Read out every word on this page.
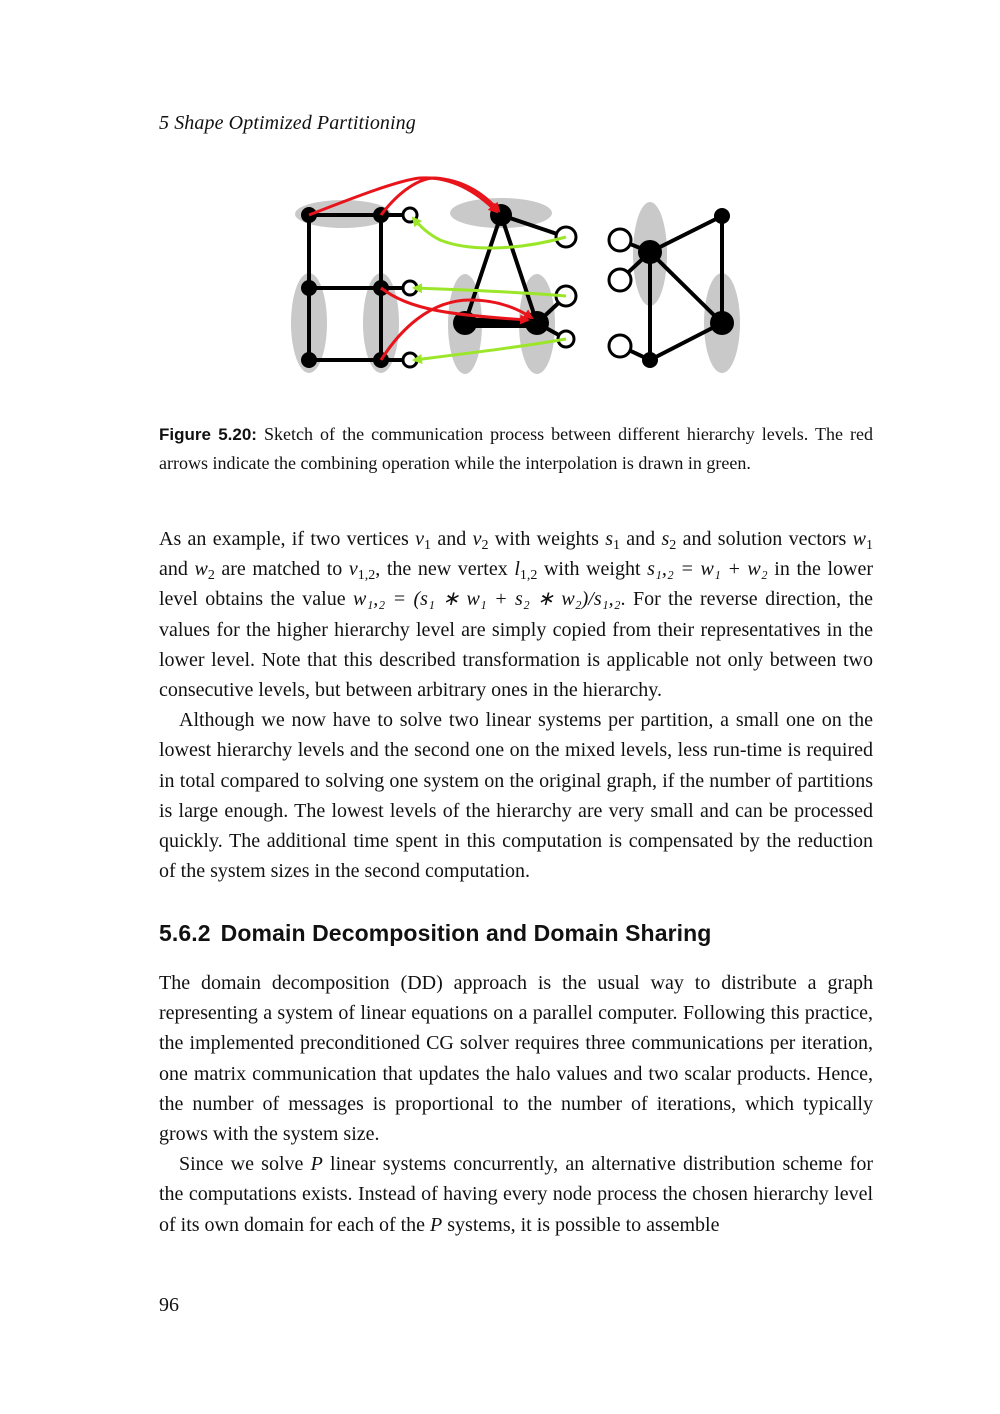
5 Shape Optimized Partitioning
Figure 5.20: Sketch of the communication process between different hierarchy levels. The red arrows indicate the combining operation while the interpolation is drawn in green.

As an example, if two vertices $v_1$ and $v_2$ with weights $s_1$ and $s_2$ and solution vectors $w_1$ and $w_2$ are matched to $v_{1,2}$, the new vertex $l_{1,2}$ with weight s₁,₂ = w₁ + w₂ in the lower level obtains the value w₁,₂ = (s₁ ∗ w₁ + s₂ ∗ w₂)/s₁,₂. For the reverse direction, the values for the higher hierarchy level are simply copied from their representatives in the lower level. Note that this described transformation is applicable not only between two consecutive levels, but between arbitrary ones in the hierarchy.

Although we now have to solve two linear systems per partition, a small one on the lowest hierarchy levels and the second one on the mixed levels, less run-time is required in total compared to solving one system on the original graph, if the number of partitions is large enough. The lowest levels of the hierarchy are very small and can be processed quickly. The additional time spent in this computation is compensated by the reduction of the system sizes in the second computation.

5.6.2 Domain Decomposition and Domain Sharing

The domain decomposition (DD) approach is the usual way to distribute a graph representing a system of linear equations on a parallel computer. Following this practice, the implemented preconditioned CG solver requires three communications per iteration, one matrix communication that updates the halo values and two scalar products. Hence, the number of messages is proportional to the number of iterations, which typically grows with the system size.

Since we solve P linear systems concurrently, an alternative distribution scheme for the computations exists. Instead of having every node process the chosen hierarchy level of its own domain for each of the P systems, it is possible to assemble

96
